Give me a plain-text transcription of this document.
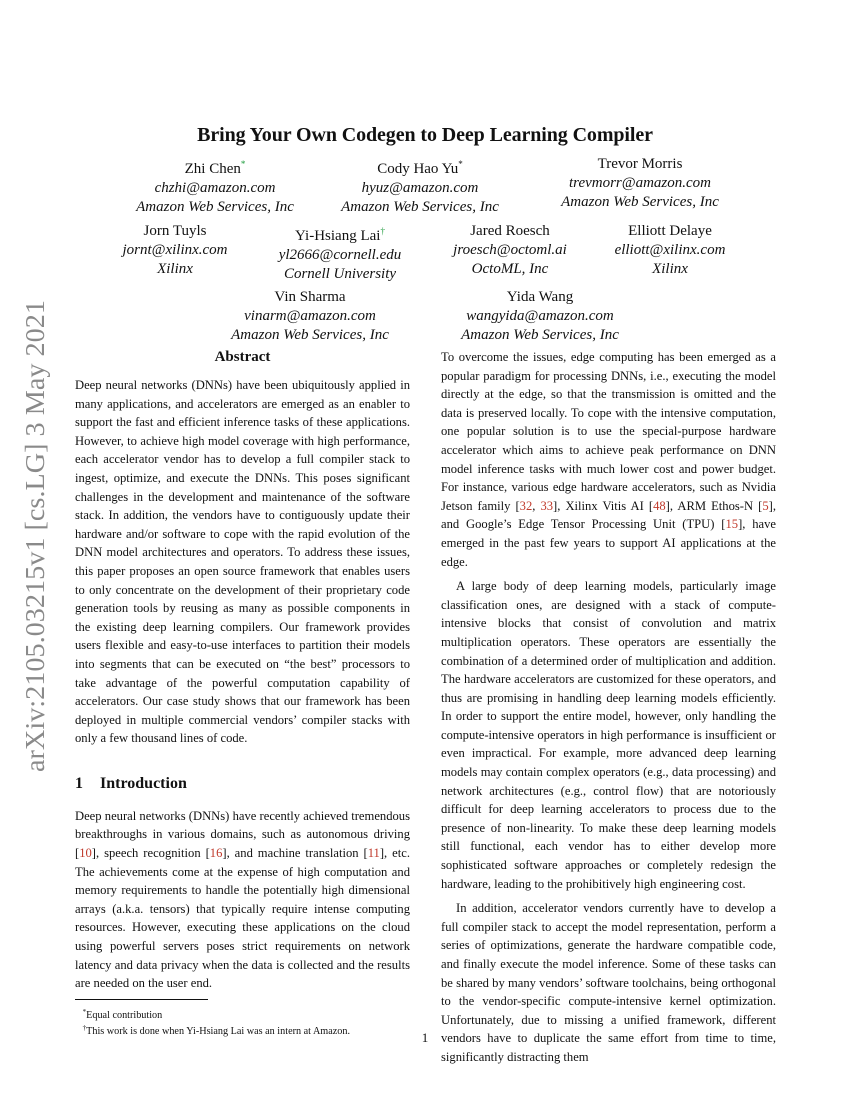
arXiv:2105.03215v1 [cs.LG] 3 May 2021
Bring Your Own Codegen to Deep Learning Compiler
Zhi Chen*
chzhi@amazon.com
Amazon Web Services, Inc
Cody Hao Yu*
hyuz@amazon.com
Amazon Web Services, Inc
Trevor Morris
trevmorr@amazon.com
Amazon Web Services, Inc
Jorn Tuyls
jornt@xilinx.com
Xilinx
Yi-Hsiang Lai†
yl2666@cornell.edu
Cornell University
Jared Roesch
jroesch@octoml.ai
OctoML, Inc
Elliott Delaye
elliott@xilinx.com
Xilinx
Vin Sharma
vinarm@amazon.com
Amazon Web Services, Inc
Yida Wang
wangyida@amazon.com
Amazon Web Services, Inc
Abstract

Deep neural networks (DNNs) have been ubiquitously applied in many applications, and accelerators are emerged as an enabler to support the fast and efficient inference tasks of these applications. However, to achieve high model coverage with high performance, each accelerator vendor has to develop a full compiler stack to ingest, optimize, and execute the DNNs. This poses significant challenges in the development and maintenance of the software stack. In addition, the vendors have to contiguously update their hardware and/or software to cope with the rapid evolution of the DNN model architectures and operators. To address these issues, this paper proposes an open source framework that enables users to only concentrate on the development of their proprietary code generation tools by reusing as many as possible components in the existing deep learning compilers. Our framework provides users flexible and easy-to-use interfaces to partition their models into segments that can be executed on “the best” processors to take advantage of the powerful computation capability of accelerators. Our case study shows that our framework has been deployed in multiple commercial vendors’ compiler stacks with only a few thousand lines of code.

1 Introduction

Deep neural networks (DNNs) have recently achieved tremendous breakthroughs in various domains, such as autonomous driving [10], speech recognition [16], and machine translation [11], etc. The achievements come at the expense of high computation and memory requirements to handle the potentially high dimensional arrays (a.k.a. tensors) that typically require intense computing resources. However, executing these applications on the cloud using powerful servers poses strict requirements on network latency and data privacy when the data is collected and the results are needed on the user end.

*Equal contribution
†This work is done when Yi-Hsiang Lai was an intern at Amazon.

To overcome the issues, edge computing has been emerged as a popular paradigm for processing DNNs, i.e., executing the model directly at the edge, so that the transmission is omitted and the data is preserved locally. To cope with the intensive computation, one popular solution is to use the special-purpose hardware accelerator which aims to achieve peak performance on DNN model inference tasks with much lower cost and power budget. For instance, various edge hardware accelerators, such as Nvidia Jetson family [32, 33], Xilinx Vitis AI [48], ARM Ethos-N [5], and Google’s Edge Tensor Processing Unit (TPU) [15], have emerged in the past few years to support AI applications at the edge.

A large body of deep learning models, particularly image classification ones, are designed with a stack of compute-intensive blocks that consist of convolution and matrix multiplication operators. These operators are essentially the combination of a determined order of multiplication and addition. The hardware accelerators are customized for these operators, and thus are promising in handling deep learning models efficiently. In order to support the entire model, however, only handling the compute-intensive operators in high performance is insufficient or even impractical. For example, more advanced deep learning models may contain complex operators (e.g., data processing) and network architectures (e.g., control flow) that are notoriously difficult for deep learning accelerators to process due to the presence of non-linearity. To make these deep learning models still functional, each vendor has to either develop more sophisticated software approaches or completely redesign the hardware, leading to the prohibitively high engineering cost.

In addition, accelerator vendors currently have to develop a full compiler stack to accept the model representation, perform a series of optimizations, generate the hardware compatible code, and finally execute the model inference. Some of these tasks can be shared by many vendors’ software toolchains, being orthogonal to the vendor-specific compute-intensive kernel optimization. Unfortunately, due to missing a unified framework, different vendors have to duplicate the same effort from time to time, significantly distracting them

1
